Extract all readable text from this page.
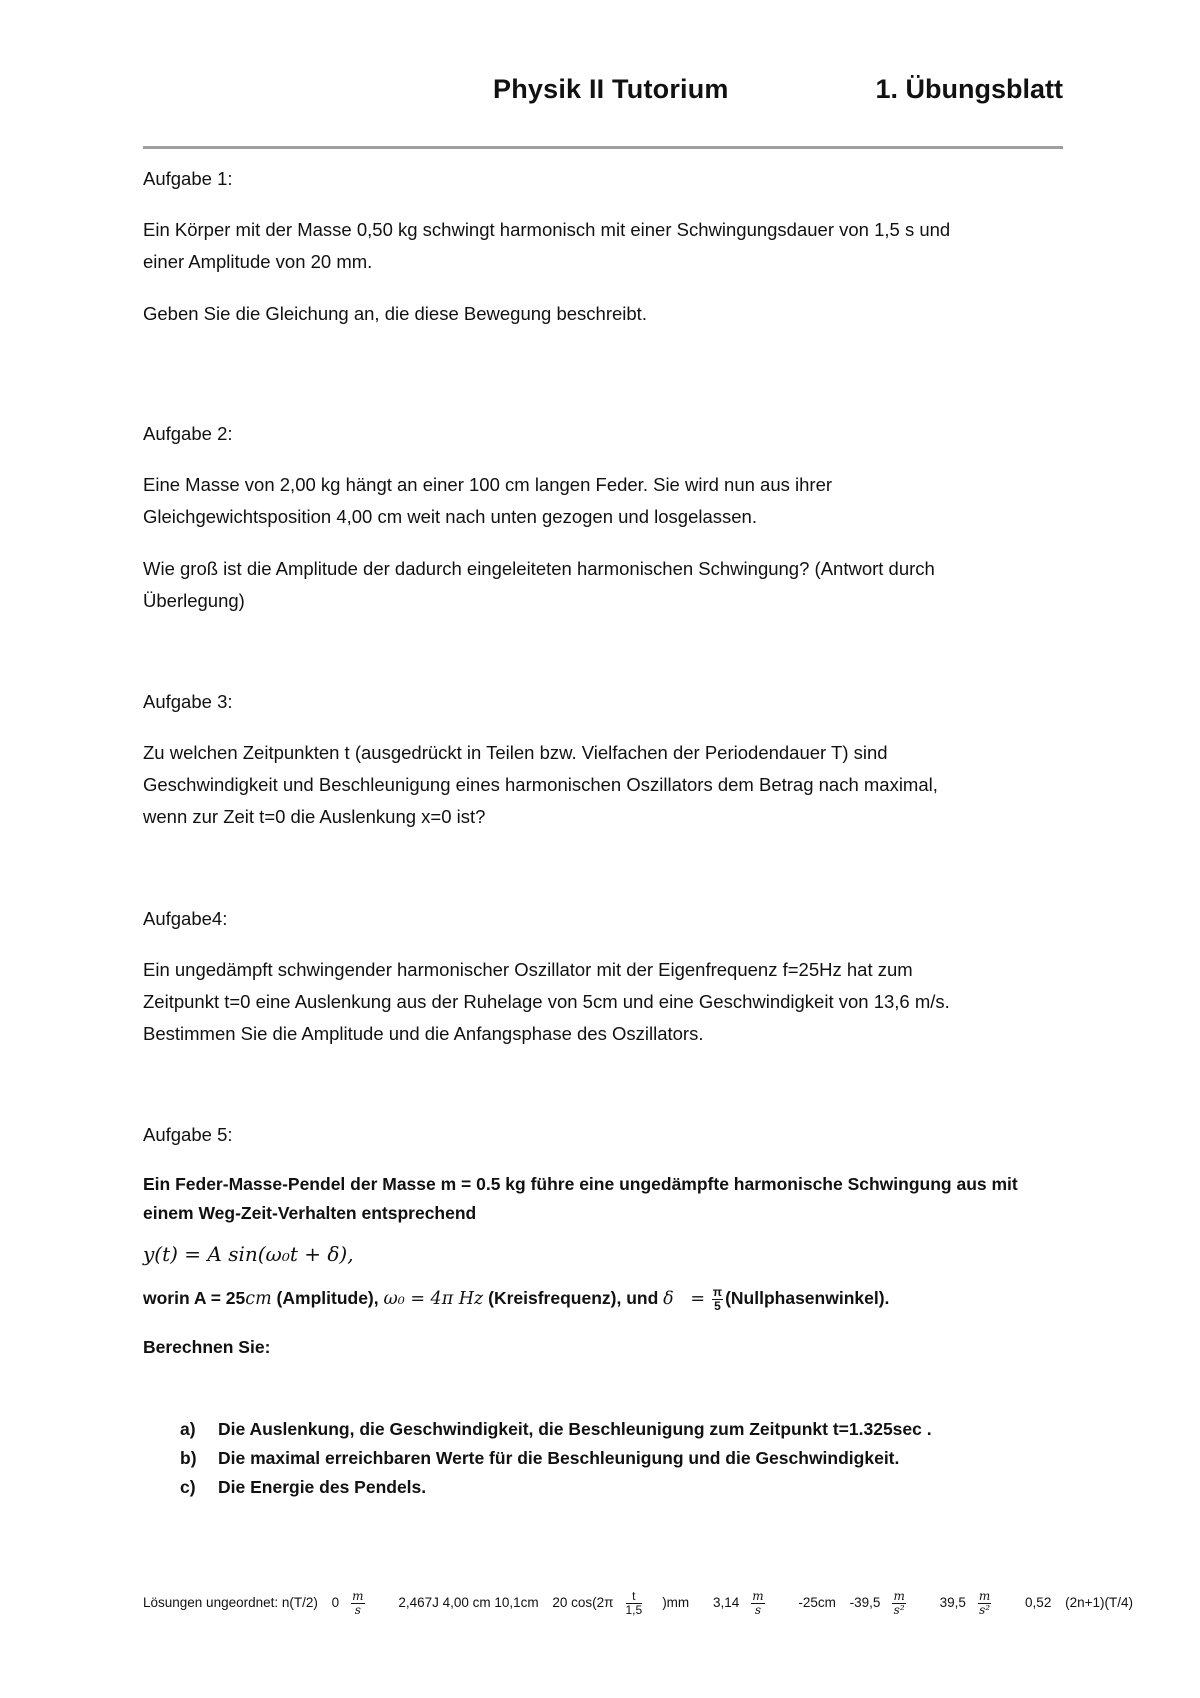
Physik II Tutorium	1. Übungsblatt

Aufgabe 1:

Ein Körper mit der Masse 0,50 kg schwingt harmonisch mit einer Schwingungsdauer von 1,5 s und

einer Amplitude von 20 mm.

Geben Sie die Gleichung an, die diese Bewegung beschreibt.

Aufgabe 2:

Eine Masse von 2,00 kg hängt an einer 100 cm langen Feder. Sie wird nun aus ihrer

Gleichgewichtsposition 4,00 cm weit nach unten gezogen und losgelassen.

Wie groß ist die Amplitude der dadurch eingeleiteten harmonischen Schwingung? (Antwort durch

Überlegung)

Aufgabe 3:

Zu welchen Zeitpunkten t (ausgedrückt in Teilen bzw. Vielfachen der Periodendauer T) sind

Geschwindigkeit und Beschleunigung eines harmonischen Oszillators dem Betrag nach maximal,

wenn zur Zeit t=0 die Auslenkung x=0 ist?

Aufgabe4:

Ein ungedämpft schwingender harmonischer Oszillator mit der Eigenfrequenz f=25Hz hat zum

Zeitpunkt t=0 eine Auslenkung aus der Ruhelage von 5cm und eine Geschwindigkeit von 13,6 m/s.

Bestimmen Sie die Amplitude und die Anfangsphase des Oszillators.

Aufgabe 5:

Ein Feder-Masse-Pendel der Masse m = 0.5 kg führe eine ungedämpfte harmonische Schwingung aus mit

einem Weg-Zeit-Verhalten entsprechend

y(t) = A sin(ω₀t + δ),

worin A = 25cm (Amplitude), ω₀ = 4π Hz (Kreisfrequenz), und $\delta = \frac{\pi}{5}$ (Nullphasenwinkel).

Berechnen Sie:

a)	Die Auslenkung, die Geschwindigkeit, die Beschleunigung zum Zeitpunkt t=1.325sec .
b)	Die maximal erreichbaren Werte für die Beschleunigung und die Geschwindigkeit.
c)	Die Energie des Pendels.
Lösungen ungeordnet: n(T/2) $0 \frac{m}{s} 2,467J$ 4,00 cm 10,1cm 20 $\cos(2\pi \frac{t}{1,5} )mm$ $3,14 \frac{m}{s} -25cm$ $-39,5 \frac{m}{\text{s²}} 39,5 \frac{m}{\text{s²}} 0,52$ (2n+1)(T/4)
